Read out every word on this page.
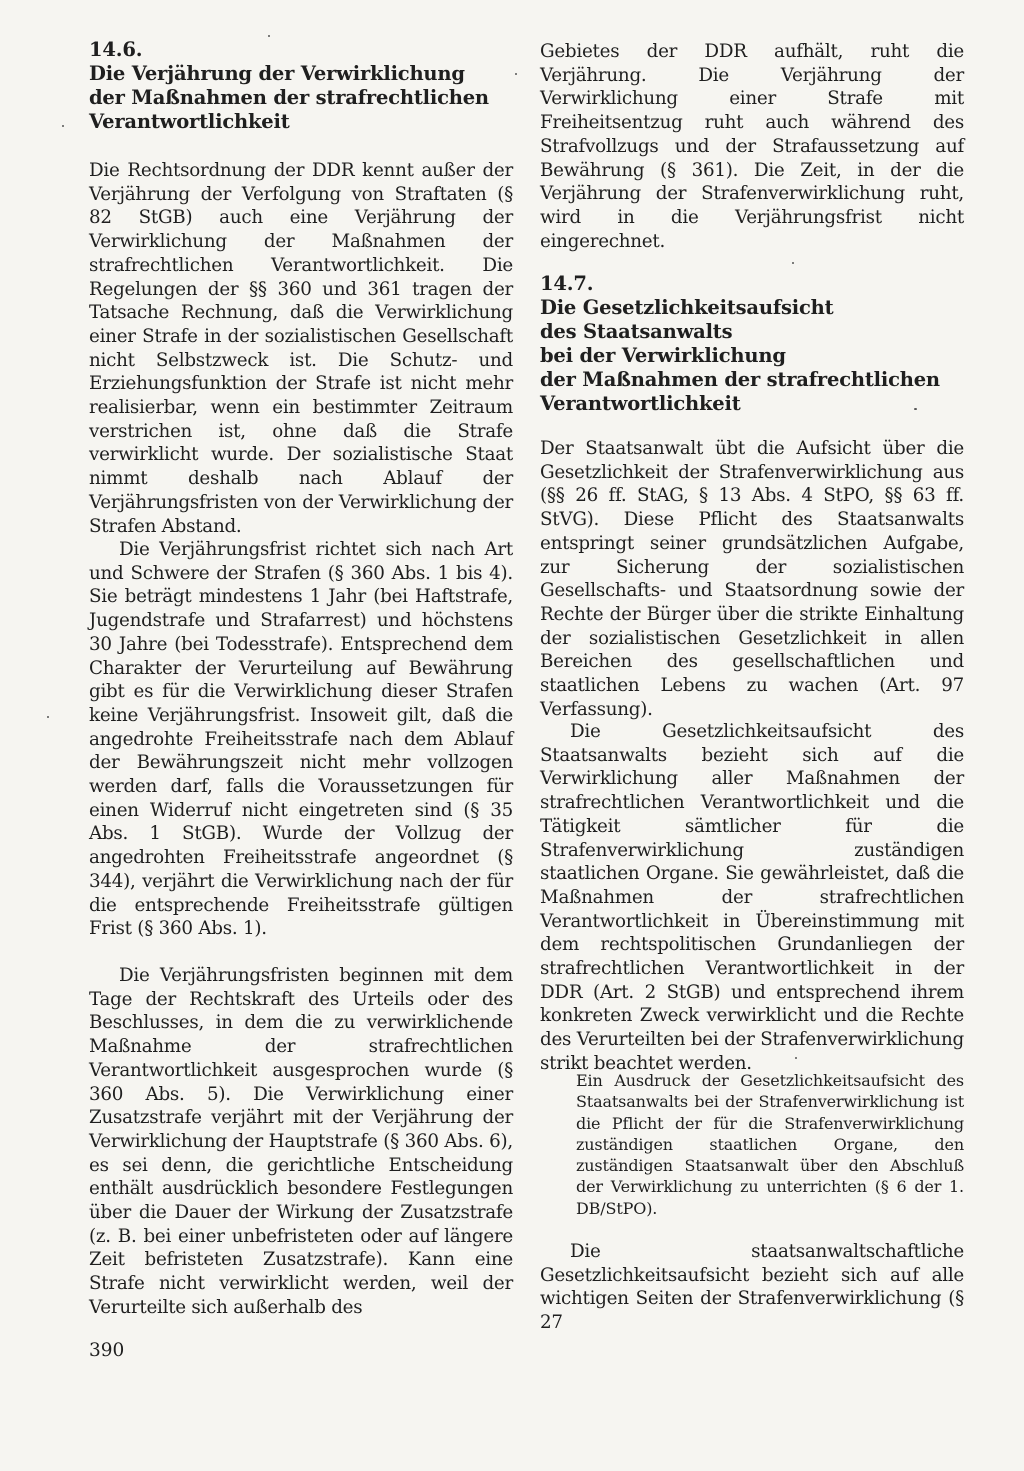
14.6.
Die Verjährung der Verwirklichung
der Maßnahmen der strafrechtlichen
Verantwortlichkeit

Die Rechtsordnung der DDR kennt außer der Verjährung der Verfolgung von Straftaten (§ 82 StGB) auch eine Verjährung der Verwirklichung der Maßnahmen der strafrechtlichen Verantwortlichkeit. Die Regelungen der §§ 360 und 361 tragen der Tatsache Rechnung, daß die Verwirklichung einer Strafe in der sozialistischen Gesellschaft nicht Selbstzweck ist. Die Schutz- und Erziehungsfunktion der Strafe ist nicht mehr realisierbar, wenn ein bestimmter Zeitraum verstrichen ist, ohne daß die Strafe verwirklicht wurde. Der sozialistische Staat nimmt deshalb nach Ablauf der Verjährungsfristen von der Verwirklichung der Strafen Abstand.

Die Verjährungsfrist richtet sich nach Art und Schwere der Strafen (§ 360 Abs. 1 bis 4). Sie beträgt mindestens 1 Jahr (bei Haftstrafe, Jugendstrafe und Strafarrest) und höchstens 30 Jahre (bei Todesstrafe). Entsprechend dem Charakter der Verurteilung auf Bewährung gibt es für die Verwirklichung dieser Strafen keine Verjährungsfrist. Insoweit gilt, daß die angedrohte Freiheitsstrafe nach dem Ablauf der Bewährungszeit nicht mehr vollzogen werden darf, falls die Voraussetzungen für einen Widerruf nicht eingetreten sind (§ 35 Abs. 1 StGB). Wurde der Vollzug der angedrohten Freiheitsstrafe angeordnet (§ 344), verjährt die Verwirklichung nach der für die entsprechende Freiheitsstrafe gültigen Frist (§ 360 Abs. 1).

Die Verjährungsfristen beginnen mit dem Tage der Rechtskraft des Urteils oder des Beschlusses, in dem die zu verwirklichende Maßnahme der strafrechtlichen Verantwortlichkeit ausgesprochen wurde (§ 360 Abs. 5). Die Verwirklichung einer Zusatzstrafe verjährt mit der Verjährung der Verwirklichung der Hauptstrafe (§ 360 Abs. 6), es sei denn, die gerichtliche Entscheidung enthält ausdrücklich besondere Festlegungen über die Dauer der Wirkung der Zusatzstrafe (z. B. bei einer unbefristeten oder auf längere Zeit befristeten Zusatzstrafe). Kann eine Strafe nicht verwirklicht werden, weil der Verurteilte sich außerhalb des

Gebietes der DDR aufhält, ruht die Verjährung. Die Verjährung der Verwirklichung einer Strafe mit Freiheitsentzug ruht auch während des Strafvollzugs und der Strafaussetzung auf Bewährung (§ 361). Die Zeit, in der die Verjährung der Strafenverwirklichung ruht, wird in die Verjährungsfrist nicht eingerechnet.

14.7.
Die Gesetzlichkeitsaufsicht
des Staatsanwalts
bei der Verwirklichung
der Maßnahmen der strafrechtlichen
Verantwortlichkeit

Der Staatsanwalt übt die Aufsicht über die Gesetzlichkeit der Strafenverwirklichung aus (§§ 26 ff. StAG, § 13 Abs. 4 StPO, §§ 63 ff. StVG). Diese Pflicht des Staatsanwalts entspringt seiner grundsätzlichen Aufgabe, zur Sicherung der sozialistischen Gesellschafts- und Staatsordnung sowie der Rechte der Bürger über die strikte Einhaltung der sozialistischen Gesetzlichkeit in allen Bereichen des gesellschaftlichen und staatlichen Lebens zu wachen (Art. 97 Verfassung).

Die Gesetzlichkeitsaufsicht des Staatsanwalts bezieht sich auf die Verwirklichung aller Maßnahmen der strafrechtlichen Verantwortlichkeit und die Tätigkeit sämtlicher für die Strafenverwirklichung zuständigen staatlichen Organe. Sie gewährleistet, daß die Maßnahmen der strafrechtlichen Verantwortlichkeit in Übereinstimmung mit dem rechtspolitischen Grundanliegen der strafrechtlichen Verantwortlichkeit in der DDR (Art. 2 StGB) und entsprechend ihrem konkreten Zweck verwirklicht und die Rechte des Verurteilten bei der Strafenverwirklichung strikt beachtet werden.

Ein Ausdruck der Gesetzlichkeitsaufsicht des Staatsanwalts bei der Strafenverwirklichung ist die Pflicht der für die Strafenverwirklichung zuständigen staatlichen Organe, den zuständigen Staatsanwalt über den Abschluß der Verwirklichung zu unterrichten (§ 6 der 1. DB/StPO).

Die staatsanwaltschaftliche Gesetzlichkeitsaufsicht bezieht sich auf alle wichtigen Seiten der Strafenverwirklichung (§ 27

390
